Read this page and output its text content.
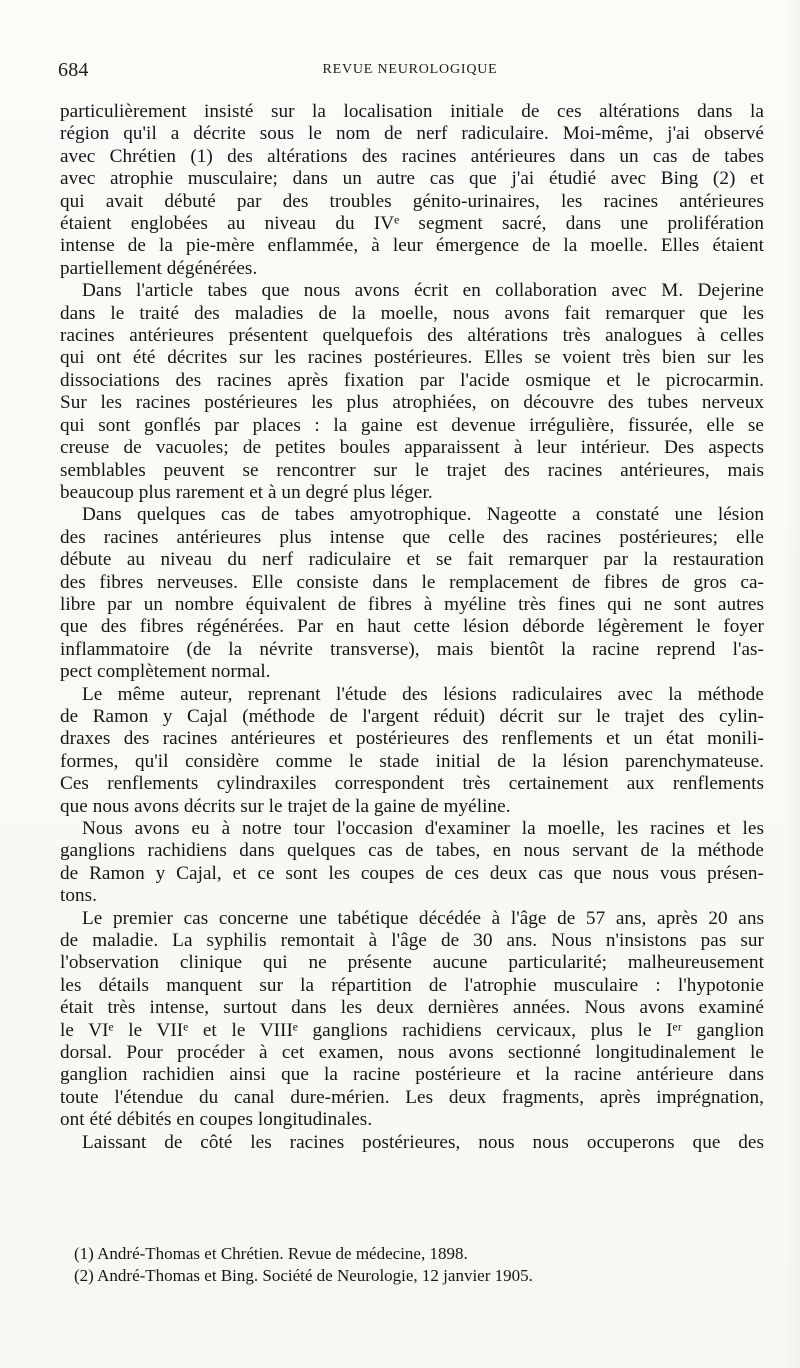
684	REVUE NEUROLOGIQUE
particulièrement insisté sur la localisation initiale de ces altérations dans la
région qu'il a décrite sous le nom de nerf radiculaire. Moi-même, j'ai observé
avec Chrétien (1) des altérations des racines antérieures dans un cas de tabes
avec atrophie musculaire; dans un autre cas que j'ai étudié avec Bing (2) et
qui avait débuté par des troubles génito-urinaires, les racines antérieures
étaient englobées au niveau du IVᵉ segment sacré, dans une prolifération
intense de la pie-mère enflammée, à leur émergence de la moelle. Elles étaient
partiellement dégénérées.
Dans l'article tabes que nous avons écrit en collaboration avec M. Dejerine
dans le traité des maladies de la moelle, nous avons fait remarquer que les
racines antérieures présentent quelquefois des altérations très analogues à celles
qui ont été décrites sur les racines postérieures. Elles se voient très bien sur les
dissociations des racines après fixation par l'acide osmique et le picrocarmin.
Sur les racines postérieures les plus atrophiées, on découvre des tubes nerveux
qui sont gonflés par places : la gaine est devenue irrégulière, fissurée, elle se
creuse de vacuoles; de petites boules apparaissent à leur intérieur. Des aspects
semblables peuvent se rencontrer sur le trajet des racines antérieures, mais
beaucoup plus rarement et à un degré plus léger.
Dans quelques cas de tabes amyotrophique. Nageotte a constaté une lésion
des racines antérieures plus intense que celle des racines postérieures; elle
débute au niveau du nerf radiculaire et se fait remarquer par la restauration
des fibres nerveuses. Elle consiste dans le remplacement de fibres de gros ca-
libre par un nombre équivalent de fibres à myéline très fines qui ne sont autres
que des fibres régénérées. Par en haut cette lésion déborde légèrement le foyer
inflammatoire (de la névrite transverse), mais bientôt la racine reprend l'as-
pect complètement normal.
Le même auteur, reprenant l'étude des lésions radiculaires avec la méthode
de Ramon y Cajal (méthode de l'argent réduit) décrit sur le trajet des cylin-
draxes des racines antérieures et postérieures des renflements et un état monili-
formes, qu'il considère comme le stade initial de la lésion parenchymateuse.
Ces renflements cylindraxiles correspondent très certainement aux renflements
que nous avons décrits sur le trajet de la gaine de myéline.
Nous avons eu à notre tour l'occasion d'examiner la moelle, les racines et les
ganglions rachidiens dans quelques cas de tabes, en nous servant de la méthode
de Ramon y Cajal, et ce sont les coupes de ces deux cas que nous vous présen-
tons.
Le premier cas concerne une tabétique décédée à l'âge de 57 ans, après 20 ans
de maladie. La syphilis remontait à l'âge de 30 ans. Nous n'insistons pas sur
l'observation clinique qui ne présente aucune particularité; malheureusement
les détails manquent sur la répartition de l'atrophie musculaire : l'hypotonie
était très intense, surtout dans les deux dernières années. Nous avons examiné
le VIᵉ le VIIᵉ et le VIIIᵉ ganglions rachidiens cervicaux, plus le Iᵉʳ ganglion
dorsal. Pour procéder à cet examen, nous avons sectionné longitudinalement le
ganglion rachidien ainsi que la racine postérieure et la racine antérieure dans
toute l'étendue du canal dure-mérien. Les deux fragments, après imprégnation,
ont été débités en coupes longitudinales.
Laissant de côté les racines postérieures, nous nous occuperons que des
(1) André-Thomas et Chrétien. Revue de médecine, 1898.
(2) André-Thomas et Bing. Société de Neurologie, 12 janvier 1905.
